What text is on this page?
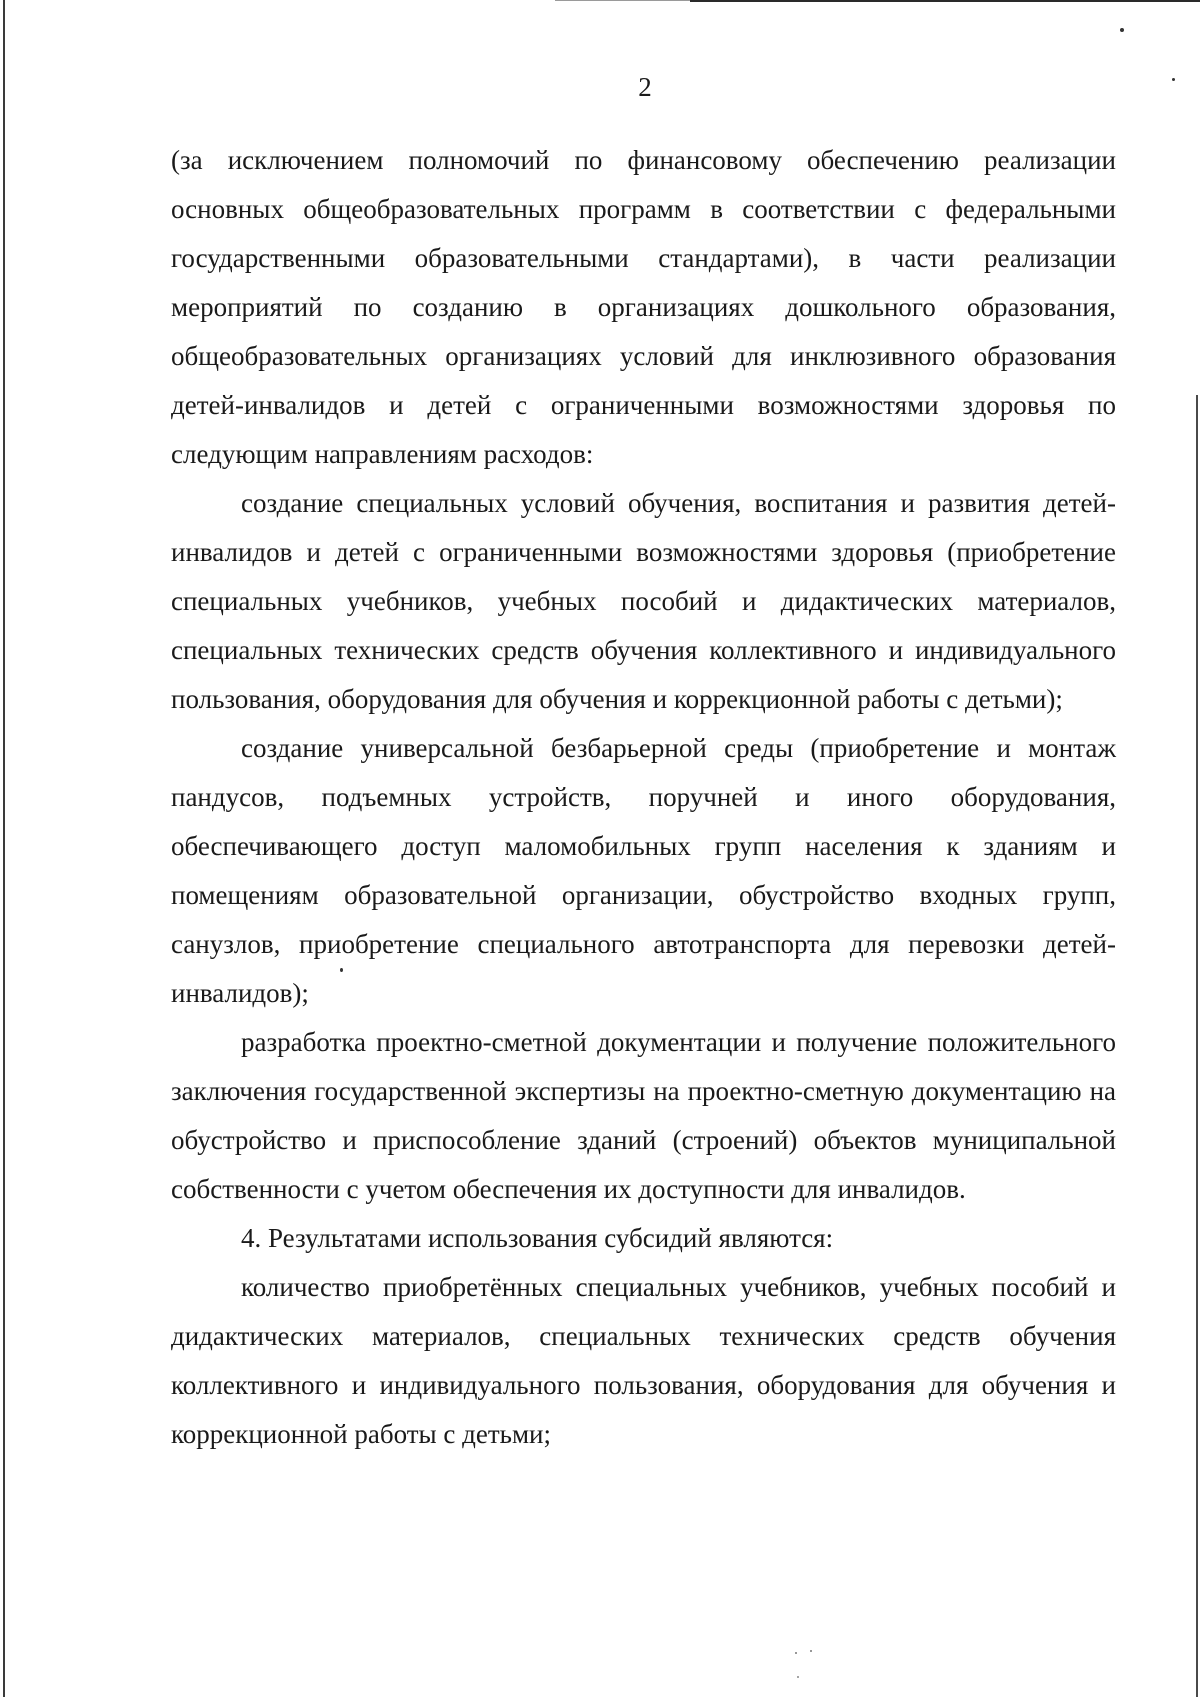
2

(за исключением полномочий по финансовому обеспечению реализации основных общеобразовательных программ в соответствии с федеральными государственными образовательными стандартами), в части реализации мероприятий по созданию в организациях дошкольного образования, общеобразовательных организациях условий для инклюзивного образования детей-инвалидов и детей с ограниченными возможностями здоровья по следующим направлениям расходов:

создание специальных условий обучения, воспитания и развития детей-инвалидов и детей с ограниченными возможностями здоровья (приобретение специальных учебников, учебных пособий и дидактических материалов, специальных технических средств обучения коллективного и индивидуального пользования, оборудования для обучения и коррекционной работы с детьми);

создание универсальной безбарьерной среды (приобретение и монтаж пандусов, подъемных устройств, поручней и иного оборудования, обеспечивающего доступ маломобильных групп населения к зданиям и помещениям образовательной организации, обустройство входных групп, санузлов, приобретение специального автотранспорта для перевозки детей-инвалидов);

разработка проектно-сметной документации и получение положительного заключения государственной экспертизы на проектно-сметную документацию на обустройство и приспособление зданий (строений) объектов муниципальной собственности с учетом обеспечения их доступности для инвалидов.

4. Результатами использования субсидий являются:

количество приобретённых специальных учебников, учебных пособий и дидактических материалов, специальных технических средств обучения коллективного и индивидуального пользования, оборудования для обучения и коррекционной работы с детьми;
